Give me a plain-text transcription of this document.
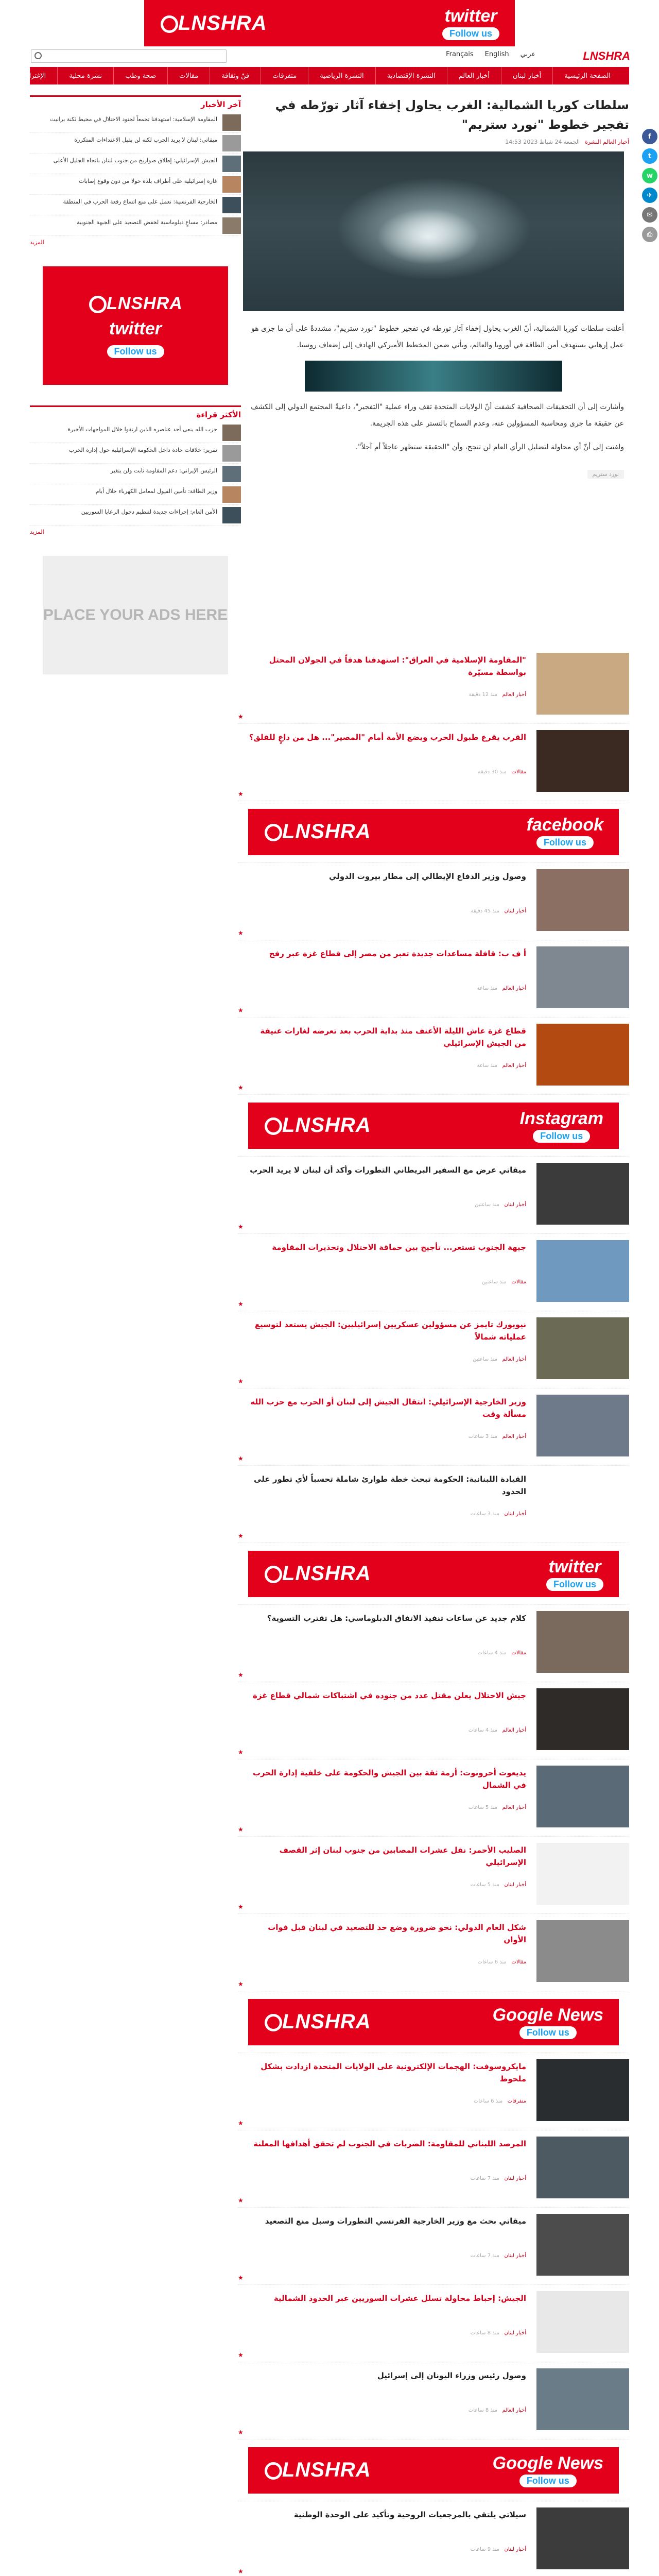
LNSHRA	twitter
Follow us
LNSHRA
عربي
English
Français
الصفحة الرئيسية
أخبار لبنان
أخبار العالم
النشرة الإقتصادية
النشرة الرياضية
متفرقات
فنّ وثقافة
مقالات
صحة وطب
نشرة محلية
الإغتراب
f
t
w
✈
✉
⎙
سلطات كوريا الشمالية: الغرب يحاول إخفاء آثار تورّطه في تفجير خطوط "نورد ستريم"
أخبار العالم النشرة
الجمعة 24 شباط 2023 14:53

أعلنت سلطات كوريا الشمالية، أنّ الغرب يحاول إخفاء آثار تورطه في تفجير خطوط "نورد ستريم"، مشددةً على أن ما جرى هو عمل إرهابي يستهدف أمن الطاقة في أوروبا والعالم، ويأتي ضمن المخطط الأميركي الهادف إلى إضعاف روسيا.

وأشارت إلى أن التحقيقات الصحافية كشفت أنّ الولايات المتحدة تقف وراء عملية "التفجير"، داعيةً المجتمع الدولي إلى الكشف عن حقيقة ما جرى ومحاسبة المسؤولين عنه، وعدم السماح بالتستر على هذه الجريمة.

ولفتت إلى أنّ أي محاولة لتضليل الرأي العام لن تنجح، وأن "الحقيقة ستظهر عاجلاً أم آجلاً".

نورد ستريم
"المقاومة الإسلامية في العراق": استهدفنا هدفاً في الجولان المحتل بواسطة مسيّرة
أخبار العالم   منذ 12 دقيقة
★
القرب يقرع طبول الحرب ويضع الأمة أمام "المصير"... هل من داعٍ للقلق؟
مقالات   منذ 30 دقيقة
★
LNSHRA	facebook
Follow us
وصول وزير الدفاع الإيطالي إلى مطار بيروت الدولي
أخبار لبنان   منذ 45 دقيقة
★
أ ف ب: قافلة مساعدات جديدة تعبر من مصر إلى قطاع غزة عبر رفح
أخبار العالم   منذ ساعة
★
قطاع غزة عاش الليلة الأعنف منذ بداية الحرب بعد تعرضه لغارات عنيفة من الجيش الإسرائيلي
أخبار العالم   منذ ساعة
★
LNSHRA	Instagram
Follow us
ميقاتي عرض مع السفير البريطاني التطورات وأكد أن لبنان لا يريد الحرب
أخبار لبنان   منذ ساعتين
★
جيهة الجنوب تستعر... تأجيج بين حماقة الاحتلال وتحذيرات المقاومة
مقالات   منذ ساعتين
★
نيويورك تايمز عن مسؤولين عسكريين إسرائيليين: الجيش يستعد لتوسيع عملياته شمالاً
أخبار العالم   منذ ساعتين
★
وزير الخارجية الإسرائيلي: انتقال الجيش إلى لبنان أو الحرب مع حزب الله مسألة وقت
أخبار العالم   منذ 3 ساعات
★
القيادة اللبنانية: الحكومة تبحث خطة طوارئ شاملة تحسباً لأي تطور على الحدود
أخبار لبنان   منذ 3 ساعات
★
LNSHRA	twitter
Follow us
كلام جديد عن ساعات تنفيذ الاتفاق الدبلوماسي: هل تقترب التسوية؟
مقالات   منذ 4 ساعات
★
جيش الاحتلال يعلن مقتل عدد من جنوده في اشتباكات شمالي قطاع غزة
أخبار العالم   منذ 4 ساعات
★
يديعوت أحرونوت: أزمة ثقة بين الجيش والحكومة على خلفية إدارة الحرب في الشمال
أخبار العالم   منذ 5 ساعات
★
الصليب الأحمر: نقل عشرات المصابين من جنوب لبنان إثر القصف الإسرائيلي
أخبار لبنان   منذ 5 ساعات
★
شكل العام الدولي: نحو ضرورة وضع حد للتصعيد في لبنان قبل فوات الأوان
مقالات   منذ 6 ساعات
★
LNSHRA	Google News
Follow us
مايكروسوفت: الهجمات الإلكترونية على الولايات المتحدة ازدادت بشكل ملحوظ
متفرقات   منذ 6 ساعات
★
المرصد اللبناني للمقاومة: الضربات في الجنوب لم تحقق أهدافها المعلنة
أخبار لبنان   منذ 7 ساعات
★
ميقاتي بحث مع وزير الخارجية الفرنسي التطورات وسبل منع التصعيد
أخبار لبنان   منذ 7 ساعات
★
الجيش: إحباط محاولة تسلل عشرات السوريين عبر الحدود الشمالية
أخبار لبنان   منذ 8 ساعات
★
وصول رئيس وزراء اليونان إلى إسرائيل
أخبار العالم   منذ 8 ساعات
★
LNSHRA	Google News
Follow us
سيلاتي يلتقي بالمرجعيات الروحية وتأكيد على الوحدة الوطنية
أخبار لبنان   منذ 9 ساعات
★

آخر الأخبار
المقاومة الإسلامية: استهدفنا تجمعاً لجنود الاحتلال في محيط ثكنة برانيت
ميقاتي: لبنان لا يريد الحرب لكنه لن يقبل الاعتداءات المتكررة
الجيش الإسرائيلي: إطلاق صواريخ من جنوب لبنان باتجاه الجليل الأعلى
غارة إسرائيلية على أطراف بلدة حولا من دون وقوع إصابات
الخارجية الفرنسية: نعمل على منع اتساع رقعة الحرب في المنطقة
مصادر: مساعٍ دبلوماسية لخفض التصعيد على الجبهة الجنوبية
المزيد
LNSHRA
twitter
Follow us
الأكثر قراءة
حزب الله ينعى أحد عناصره الذين ارتقوا خلال المواجهات الأخيرة
تقرير: خلافات حادة داخل الحكومة الإسرائيلية حول إدارة الحرب
الرئيس الإيراني: دعم المقاومة ثابت ولن يتغير
وزير الطاقة: تأمين الفيول لمعامل الكهرباء خلال أيام
الأمن العام: إجراءات جديدة لتنظيم دخول الرعايا السوريين
المزيد
PLACE YOUR ADS HERE
